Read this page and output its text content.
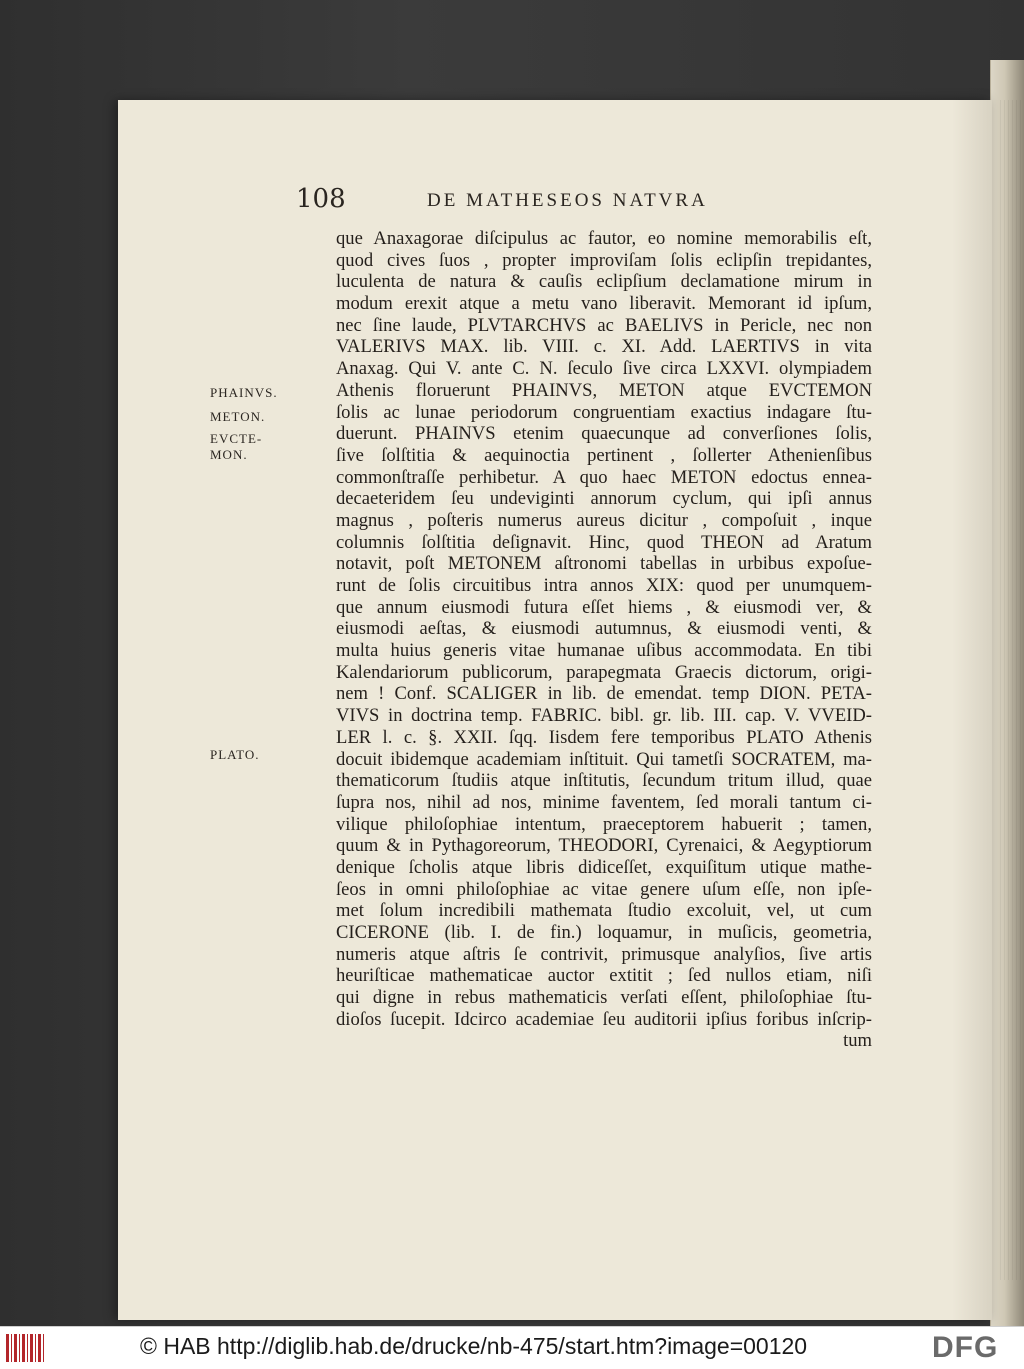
108	DE MATHESEOS NATVRA
PHAINVS.
METON.
EVCTE-
MON.
PLATO.
que Anaxagorae diſcipulus ac fautor, eo nomine memorabilis eſt,
quod cives ſuos , propter improviſam ſolis eclipſin trepidantes,
luculenta de natura & cauſis eclipſium declamatione mirum in
modum erexit atque a metu vano liberavit. Memorant id ipſum,
nec ſine laude, PLVTARCHVS ac BAELIVS in Pericle, nec non
VALERIVS MAX. lib. VIII. c. XI. Add. LAERTIVS in vita
Anaxag. Qui V. ante C. N. ſeculo ſive circa LXXVI. olympiadem
Athenis floruerunt PHAINVS, METON atque EVCTEMON
ſolis ac lunae periodorum congruentiam exactius indagare ſtu-
duerunt. PHAINVS etenim quaecunque ad converſiones ſolis,
ſive ſolſtitia & aequinoctia pertinent , ſollerter Athenienſibus
commonſtraſſe perhibetur. A quo haec METON edoctus ennea-
decaeteridem ſeu undeviginti annorum cyclum, qui ipſi annus
magnus , poſteris numerus aureus dicitur , compoſuit , inque
columnis ſolſtitia deſignavit. Hinc, quod THEON ad Aratum
notavit, poſt METONEM aſtronomi tabellas in urbibus expoſue-
runt de ſolis circuitibus intra annos XIX: quod per unumquem-
que annum eiusmodi futura eſſet hiems , & eiusmodi ver, &
eiusmodi aeſtas, & eiusmodi autumnus, & eiusmodi venti, &
multa huius generis vitae humanae uſibus accommodata. En tibi
Kalendariorum publicorum, parapegmata Graecis dictorum, origi-
nem ! Conf. SCALIGER in lib. de emendat. temp DION. PETA-
VIVS in doctrina temp. FABRIC. bibl. gr. lib. III. cap. V. VVEID-
LER l. c. §. XXII. ſqq. Iisdem fere temporibus PLATO Athenis
docuit ibidemque academiam inſtituit. Qui tametſi SOCRATEM, ma-
thematicorum ſtudiis atque inſtitutis, ſecundum tritum illud, quae
ſupra nos, nihil ad nos, minime faventem, ſed morali tantum ci-
vilique philoſophiae intentum, praeceptorem habuerit ; tamen,
quum & in Pythagoreorum, THEODORI, Cyrenaici, & Aegyptiorum
denique ſcholis atque libris didiceſſet, exquiſitum utique mathe-
ſeos in omni philoſophiae ac vitae genere uſum eſſe, non ipſe-
met ſolum incredibili mathemata ſtudio excoluit, vel, ut cum
CICERONE (lib. I. de fin.) loquamur, in muſicis, geometria,
numeris atque aſtris ſe contrivit, primusque analyſios, ſive artis
heuriſticae mathematicae auctor extitit ; ſed nullos etiam, niſi
qui digne in rebus mathematicis verſati eſſent, philoſophiae ſtu-
dioſos ſucepit. Idcirco academiae ſeu auditorii ipſius foribus inſcrip-
tum
© HAB http://diglib.hab.de/drucke/nb-475/start.htm?image=00120	DFG
